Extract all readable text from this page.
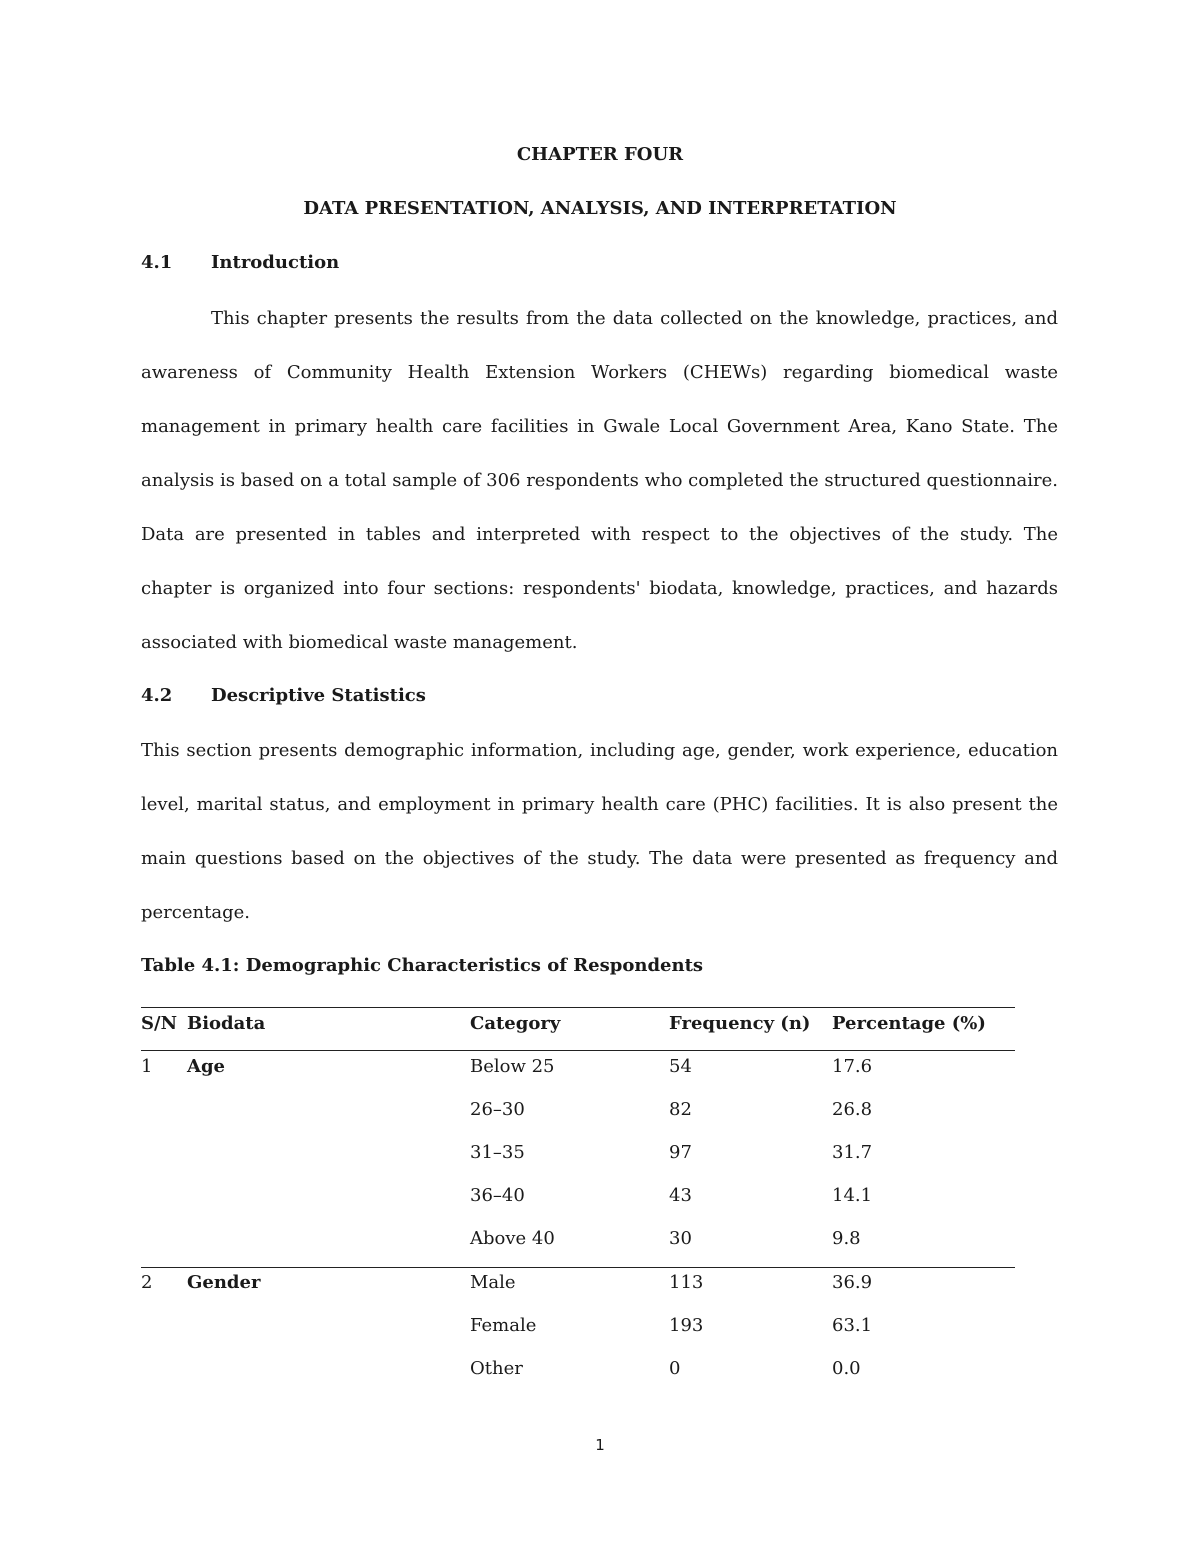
CHAPTER FOUR
DATA PRESENTATION, ANALYSIS, AND INTERPRETATION
4.1 Introduction
This chapter presents the results from the data collected on the knowledge, practices, and awareness of Community Health Extension Workers (CHEWs) regarding biomedical waste management in primary health care facilities in Gwale Local Government Area, Kano State. The analysis is based on a total sample of 306 respondents who completed the structured questionnaire. Data are presented in tables and interpreted with respect to the objectives of the study. The chapter is organized into four sections: respondents' biodata, knowledge, practices, and hazards associated with biomedical waste management.
4.2 Descriptive Statistics
This section presents demographic information, including age, gender, work experience, education level, marital status, and employment in primary health care (PHC) facilities. It is also present the main questions based on the objectives of the study. The data were presented as frequency and percentage.
Table 4.1: Demographic Characteristics of Respondents
S/N Biodata	Category	Frequency (n) Percentage (%)
1 Age	Below 25	54	17.6
26–30	82	26.8
31–35	97	31.7
36–40	43	14.1
Above 40	30	9.8
2 Gender	Male	113	36.9
Female	193	63.1
Other	0	0.0
1
